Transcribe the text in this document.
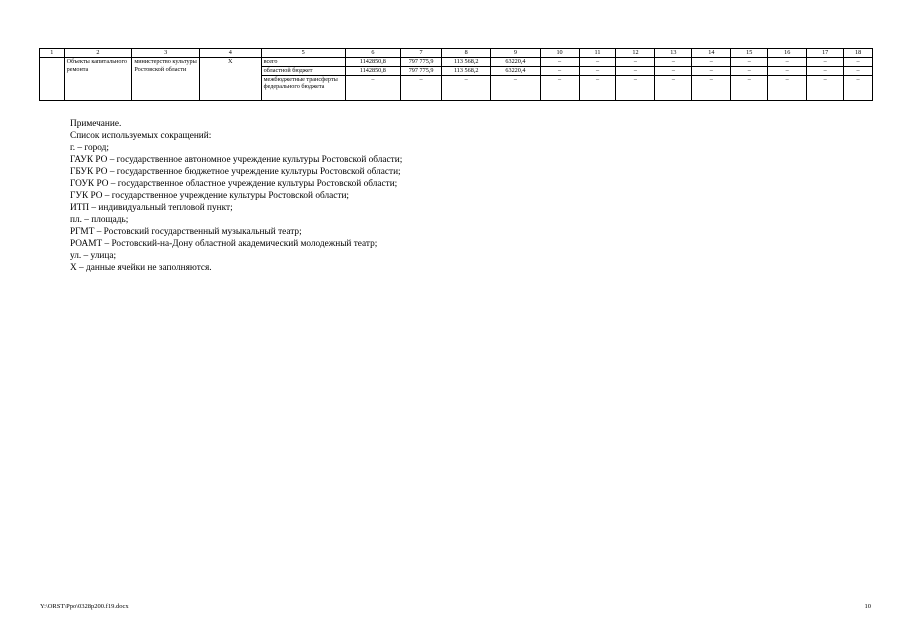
1	2	3	4	5	6	7	8	9	10	11	12	13	14	15	16	17	18
	Объекты капитального ремонта	министерство культуры Ростовской области	Х	всего	1142850,8	797 775,9	113 568,2	63220,4	–	–	–	–	–	–	–	–	–
				областной бюджет	1142850,8	797 775,9	113 568,2	63220,4	–	–	–	–	–	–	–	–	–
				межбюджетные трансферты федерального бюджета	–	–	–	–	–	–	–	–	–	–	–	–	–
Примечание.
Список используемых сокращений:
г. – город;
ГАУК РО – государственное автономное учреждение культуры Ростовской области;
ГБУК РО – государственное бюджетное учреждение культуры Ростовской области;
ГОУК РО – государственное областное учреждение культуры Ростовской области;
ГУК РО – государственное учреждение культуры Ростовской области;
ИТП – индивидуальный тепловой пункт;
пл. – площадь;
РГМТ – Ростовский государственный музыкальный театр;
РОАМТ – Ростовский-на-Дону областной академический молодежный театр;
ул. – улица;
Х – данные ячейки не заполняются.
Y:\ORST\Ppo\0328p200.f19.docx	10
